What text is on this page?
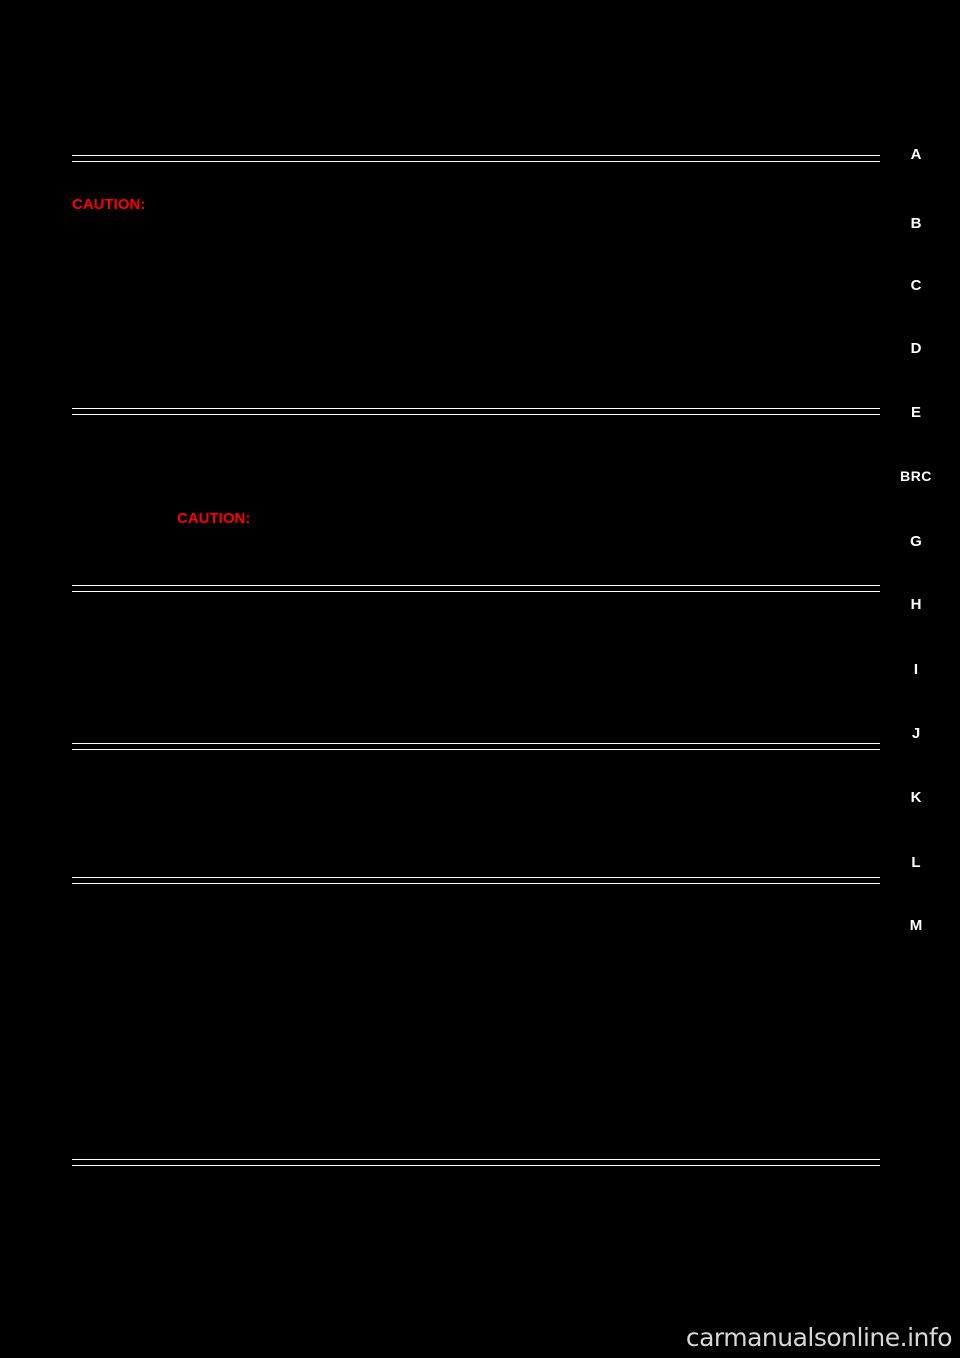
CAUTION:
CAUTION:
A
B
C
D
E
BRC
G
H
I
J
K
L
M
carmanualsonline.info
